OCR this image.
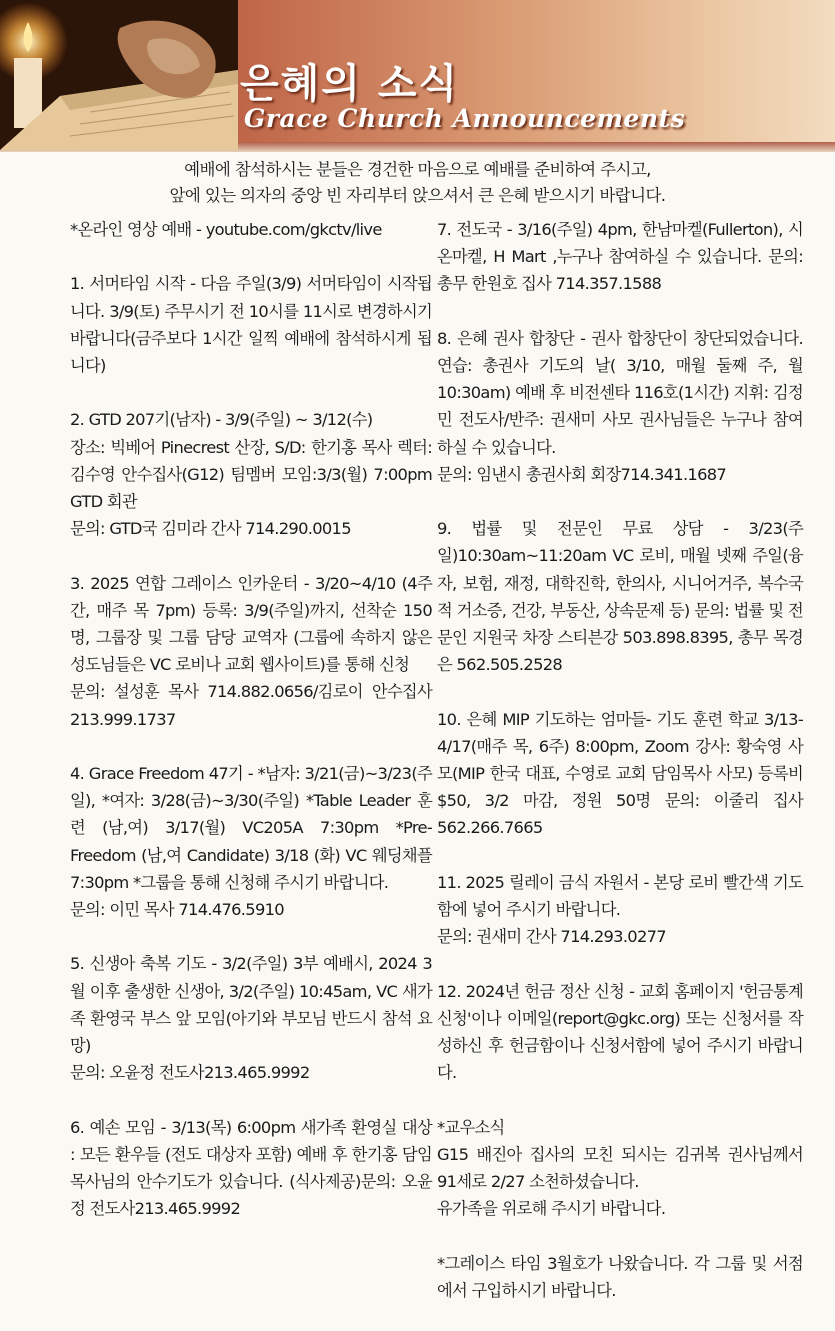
은혜의 소식
Grace Church Announcements
예배에 참석하시는 분들은 경건한 마음으로 예배를 준비하여 주시고,
앞에 있는 의자의 중앙 빈 자리부터 앉으셔서 큰 은혜 받으시기 바랍니다.

*온라인 영상 예배 - youtube.com/gkctv/live

1. 서머타임 시작 - 다음 주일(3/9) 서머타임이 시작됩니다. 3/9(토) 주무시기 전 10시를 11시로 변경하시기 바랍니다(금주보다 1시간 일찍 예배에 참석하시게 됩니다)

2. GTD 207기(남자) - 3/9(주일) ~ 3/12(수)

장소: 빅베어 Pinecrest 산장, S/D: 한기홍 목사 렉터: 김수영 안수집사(G12) 팀멤버 모임:3/3(월) 7:00pm GTD 회관

문의: GTD국 김미라 간사 714.290.0015

3. 2025 연합 그레이스 인카운터 - 3/20~4/10 (4주간, 매주 목 7pm) 등록: 3/9(주일)까지, 선착순 150명, 그룹장 및 그룹 담당 교역자 (그룹에 속하지 않은 성도님들은 VC 로비나 교회 웹사이트)를 통해 신청

문의: 설성훈 목사 714.882.0656/김로이 안수집사 213.999.1737

4. Grace Freedom 47기 - *남자: 3/21(금)~3/23(주일), *여자: 3/28(금)~3/30(주일) *Table Leader 훈련 (남,여) 3/17(월) VC205A 7:30pm *Pre-Freedom (남,여 Candidate) 3/18 (화) VC 웨딩채플 7:30pm *그룹을 통해 신청해 주시기 바랍니다.

문의: 이민 목사 714.476.5910

5. 신생아 축복 기도 - 3/2(주일) 3부 예배시, 2024 3월 이후 출생한 신생아, 3/2(주일) 10:45am, VC 새가족 환영국 부스 앞 모임(아기와 부모님 반드시 참석 요망)

문의: 오윤정 전도사213.465.9992

6. 예손 모임 - 3/13(목) 6:00pm 새가족 환영실 대상 : 모든 환우들 (전도 대상자 포함) 예배 후 한기홍 담임목사님의 안수기도가 있습니다. (식사제공)문의: 오윤정 전도사213.465.9992

7. 전도국 - 3/16(주일) 4pm, 한남마켙(Fullerton), 시온마켙, H Mart ,누구나 참여하실 수 있습니다. 문의: 총무 한원호 집사 714.357.1588

8. 은혜 권사 합창단 - 권사 합창단이 창단되었습니다. 연습: 총권사 기도의 날( 3/10, 매월 둘째 주, 월 10:30am) 예배 후 비전센타 116호(1시간) 지휘: 김정민 전도사/반주: 권새미 사모 권사님들은 누구나 참여하실 수 있습니다.

문의: 임낸시 총권사회 회장714.341.1687

9. 법률 및 전문인 무료 상담 - 3/23(주일)10:30am~11:20am VC 로비, 매월 넷째 주일(융자, 보험, 재정, 대학진학, 한의사, 시니어거주, 복수국적 거소증, 건강, 부동산, 상속문제 등) 문의: 법률 및 전문인 지원국 차장 스티븐강 503.898.8395, 총무 목경은 562.505.2528

10. 은혜 MIP 기도하는 엄마들- 기도 훈련 학교 3/13-4/17(매주 목, 6주) 8:00pm, Zoom 강사: 황숙영 사모(MIP 한국 대표, 수영로 교회 담임목사 사모) 등록비 $50, 3/2 마감, 정원 50명 문의: 이줄리 집사 562.266.7665

11. 2025 릴레이 금식 자원서 - 본당 로비 빨간색 기도함에 넣어 주시기 바랍니다.

문의: 권새미 간사 714.293.0277

12. 2024년 헌금 정산 신청 - 교회 홈페이지 '헌금통계신청'이나 이메일(report@gkc.org) 또는 신청서를 작성하신 후 헌금함이나 신청서함에 넣어 주시기 바랍니다.

*교우소식

G15 배진아 집사의 모친 되시는 김귀복 권사님께서 91세로 2/27 소천하셨습니다.

유가족을 위로해 주시기 바랍니다.

*그레이스 타임 3월호가 나왔습니다. 각 그룹 및 서점에서 구입하시기 바랍니다.
